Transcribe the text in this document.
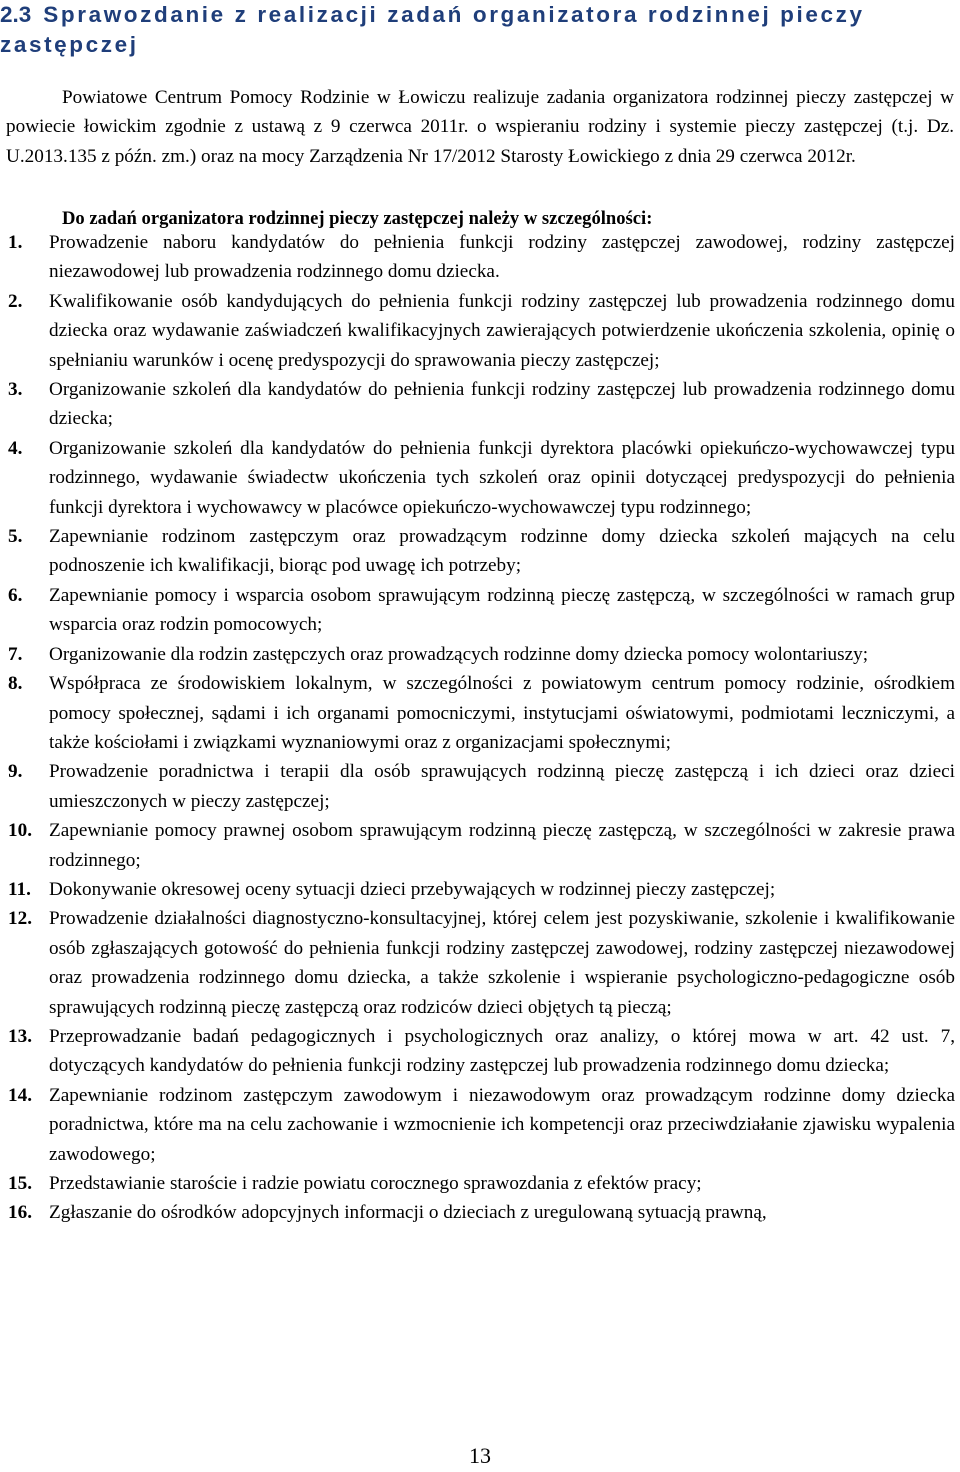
2.3 Sprawozdanie z realizacji zadań organizatora rodzinnej pieczy zastępczej
Powiatowe Centrum Pomocy Rodzinie w Łowiczu realizuje zadania organizatora rodzinnej pieczy zastępczej w powiecie łowickim zgodnie z ustawą z 9 czerwca 2011r. o wspieraniu rodziny i systemie pieczy zastępczej (t.j. Dz. U.2013.135 z późn. zm.) oraz na mocy Zarządzenia Nr 17/2012 Starosty Łowickiego z dnia 29 czerwca 2012r.
Do zadań organizatora rodzinnej pieczy zastępczej należy w szczególności:
1. Prowadzenie naboru kandydatów do pełnienia funkcji rodziny zastępczej zawodowej, rodziny zastępczej niezawodowej lub prowadzenia rodzinnego domu dziecka.
2. Kwalifikowanie osób kandydujących do pełnienia funkcji rodziny zastępczej lub prowadzenia rodzinnego domu dziecka oraz wydawanie zaświadczeń kwalifikacyjnych zawierających potwierdzenie ukończenia szkolenia, opinię o spełnianiu warunków i ocenę predyspozycji do sprawowania pieczy zastępczej;
3. Organizowanie szkoleń dla kandydatów do pełnienia funkcji rodziny zastępczej lub prowadzenia rodzinnego domu dziecka;
4. Organizowanie szkoleń dla kandydatów do pełnienia funkcji dyrektora placówki opiekuńczo-wychowawczej typu rodzinnego, wydawanie świadectw ukończenia tych szkoleń oraz opinii dotyczącej predyspozycji do pełnienia funkcji dyrektora i wychowawcy w placówce opiekuńczo-wychowawczej typu rodzinnego;
5. Zapewnianie rodzinom zastępczym oraz prowadzącym rodzinne domy dziecka szkoleń mających na celu podnoszenie ich kwalifikacji, biorąc pod uwagę ich potrzeby;
6. Zapewnianie pomocy i wsparcia osobom sprawującym rodzinną pieczę zastępczą, w szczególności w ramach grup wsparcia oraz rodzin pomocowych;
7. Organizowanie dla rodzin zastępczych oraz prowadzących rodzinne domy dziecka pomocy wolontariuszy;
8. Współpraca ze środowiskiem lokalnym, w szczególności z powiatowym centrum pomocy rodzinie, ośrodkiem pomocy społecznej, sądami i ich organami pomocniczymi, instytucjami oświatowymi, podmiotami leczniczymi, a także kościołami i związkami wyznaniowymi oraz z organizacjami społecznymi;
9. Prowadzenie poradnictwa i terapii dla osób sprawujących rodzinną pieczę zastępczą i ich dzieci oraz dzieci umieszczonych w pieczy zastępczej;
10. Zapewnianie pomocy prawnej osobom sprawującym rodzinną pieczę zastępczą, w szczególności w zakresie prawa rodzinnego;
11. Dokonywanie okresowej oceny sytuacji dzieci przebywających w rodzinnej pieczy zastępczej;
12. Prowadzenie działalności diagnostyczno-konsultacyjnej, której celem jest pozyskiwanie, szkolenie i kwalifikowanie osób zgłaszających gotowość do pełnienia funkcji rodziny zastępczej zawodowej, rodziny zastępczej niezawodowej oraz prowadzenia rodzinnego domu dziecka, a także szkolenie i wspieranie psychologiczno-pedagogiczne osób sprawujących rodzinną pieczę zastępczą oraz rodziców dzieci objętych tą pieczą;
13. Przeprowadzanie badań pedagogicznych i psychologicznych oraz analizy, o której mowa w art. 42 ust. 7, dotyczących kandydatów do pełnienia funkcji rodziny zastępczej lub prowadzenia rodzinnego domu dziecka;
14. Zapewnianie rodzinom zastępczym zawodowym i niezawodowym oraz prowadzącym rodzinne domy dziecka poradnictwa, które ma na celu zachowanie i wzmocnienie ich kompetencji oraz przeciwdziałanie zjawisku wypalenia zawodowego;
15. Przedstawianie staroście i radzie powiatu corocznego sprawozdania z efektów pracy;
16. Zgłaszanie do ośrodków adopcyjnych informacji o dzieciach z uregulowaną sytuacją prawną,
13
